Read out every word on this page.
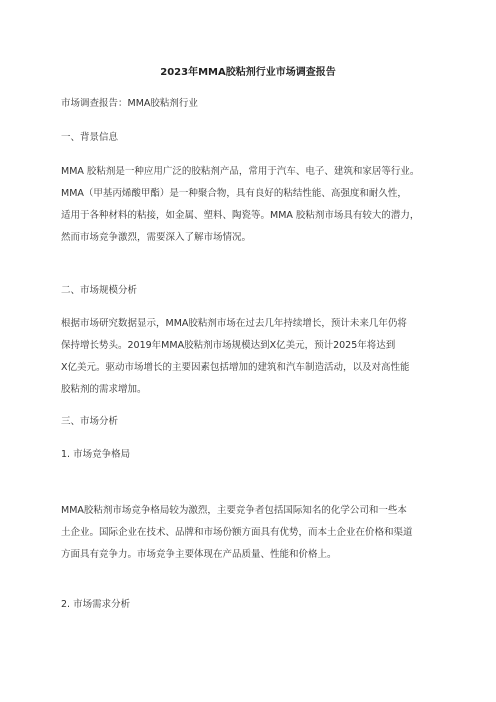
2023年MMA胶粘剂行业市场调查报告
市场调查报告：MMA胶粘剂行业
一、背景信息
MMA 胶粘剂是一种应用广泛的胶粘剂产品，常用于汽车、电子、建筑和家居等行业。
MMA（甲基丙烯酸甲酯）是一种聚合物，具有良好的粘结性能、高强度和耐久性，
适用于各种材料的粘接，如金属、塑料、陶瓷等。MMA 胶粘剂市场具有较大的潜力，
然而市场竞争激烈，需要深入了解市场情况。
二、市场规模分析
根据市场研究数据显示，MMA胶粘剂市场在过去几年持续增长，预计未来几年仍将
保持增长势头。2019年MMA胶粘剂市场规模达到X亿美元，预计2025年将达到
X亿美元。驱动市场增长的主要因素包括增加的建筑和汽车制造活动，以及对高性能
胶粘剂的需求增加。
三、市场分析
1. 市场竞争格局
MMA胶粘剂市场竞争格局较为激烈，主要竞争者包括国际知名的化学公司和一些本
土企业。国际企业在技术、品牌和市场份额方面具有优势，而本土企业在价格和渠道
方面具有竞争力。市场竞争主要体现在产品质量、性能和价格上。
2. 市场需求分析
